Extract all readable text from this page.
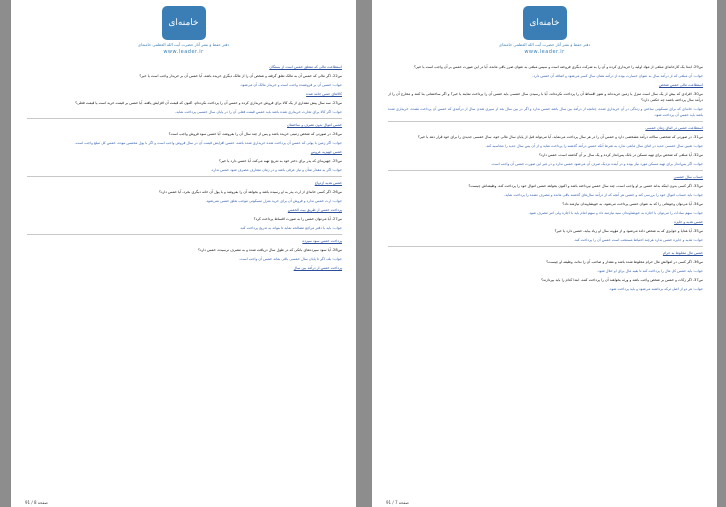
خامنه‌ای
دفتر حفظ و نشر آثار حضرت آیت الله العظمی خامنه‌ای
www.leader.ir

استطاعت مالی که متعلق خمس است از بستگان

س22. اگر مالی که خمس آن به مالک تعلق گرفته و شخص آن را از مالک دیگری خریده باشد، آیا خمس آن بر خریدار واجب است یا خیر؟

جواب: خمس آن بر فروشنده واجب است و خریدار مالک آن می‌شود.

کالاهای جنس جامد شده

س23. سه سال پیش مقداری از یک کالا برای فروش خریداری کرده و خمس آن را پرداخت نکرده‌ام، اکنون که قیمت آن افزایش یافته، آیا خمس بر قیمت خرید است یا قیمت فعلی؟

جواب: اگر کالا برای تجارت خریداری شده باشد باید خمس قیمت فعلی آن را در پایان سال خمسی پرداخت نماید.

خمس اموال بدون تصرف و ساختمان

س24. در صورتی که شخص زمینی خریده باشد و پس از چند سال آن را بفروشد، آیا خمس سود فروش واجب است؟

جواب: اگر زمین با پولی که خمس آن پرداخت شده خریداری شده باشد، خمس افزایش قیمت آن در سال فروش واجب است و اگر با پول مخمس نبوده، خمس کل مبلغ واجب است.

خمس جهیزیه عروس

س25. جهیزیه‌ای که پدر برای دختر خود به تدریج تهیه می‌کند، آیا خمس دارد یا خیر؟

جواب: اگر به مقدار شأن و نیاز عرفی باشد و در زمان متعارف مصرف شود خمس ندارد.

خمس هدیه ازدواج

س26. اگر کسی خانه‌ای از ارث پدر به او رسیده باشد و بخواهد آن را بفروشد و با پول آن خانه دیگری بخرد، آیا خمس دارد؟

جواب: ارث خمس ندارد و فروش آن برای خرید منزل مسکونی موجب تعلق خمس نمی‌شود.

پرداخت خمس از طریق بیت الخمس

س27. آیا می‌توان خمس را به صورت اقساط پرداخت کرد؟

جواب: باید با دفتر مراجع مصالحه نماید تا بتواند به تدریج پرداخت کند.

پرداخت خمس سود سپرده

س28. آیا سود سپرده‌های بانکی که در طول سال دریافت شده و به مصرف نرسیده، خمس دارد؟

جواب: بله، اگر تا پایان سال خمسی باقی بماند خمس آن واجب است.

پرداخت خمس از درآمد بین سال

صفحه 8 / 91
خامنه‌ای
دفتر حفظ و نشر آثار حضرت آیت الله العظمی خامنه‌ای
www.leader.ir

س29. ابتدا یک کارخانه‌ای مبلغی از مواد اولیه را خریداری کرده و آن را به شرکت دیگری فروخته است و سپس مبلغی به عنوان ضرر باقی مانده، آیا در این صورت خمس بر آن واجب است یا خیر؟

جواب: آن مبلغی که از درآمد سال به عنوان خسارت بوده از درآمد همان سال کسر می‌شود و اضافه آن خمس دارد.

استطاعت مالی خمس شخص

س30. افرادی که بیش از یک سال است منزل یا زمین خریده‌اند و هنوز اقساط آن را پرداخت نکرده‌اند، آیا با رسیدن سال خمسی باید خمس آن را پرداخت نمایند یا خیر؟ و اگر ساختمانی بنا کنند و مخارج آن را از درآمد سال پرداخته باشند چه حکمی دارد؟

جواب: خانه‌ای که برای مسکونی ساختن و زندگی در آن خریداری شده، چنانچه از درآمد بین سال باشد خمس ندارد و اگر در بین سال بعد از سپری شدن سال از درآمدی که خمس آن پرداخت نشده، خریداری شده باشد باید خمس آن پرداخت شود.

استطاعت خمس در اثنای زمان خمسی

س31. در صورتی که شخصی سالانه درآمد مشخصی دارد و خمس آن را در هر سال پرداخت می‌نماید، آیا می‌تواند قبل از پایان سال مالی خود، سال خمسی جدیدی را برای خود قرار دهد یا خیر؟

جواب: تعیین سال خمسی جدید در اثنای سال مانعی ندارد به شرط آنکه خمس درآمد گذشته را پرداخت نماید و از آن پس سال جدید را محاسبه کند.

س32. آیا مبلغی که شخص برای تهیه مسکن در بانک پس‌انداز کرده و یک سال بر آن گذشته است، خمس دارد؟

جواب: اگر پس‌انداز برای تهیه مسکن مورد نیاز بوده و در آینده نزدیک صرف آن می‌شود خمس ندارد و در غیر این صورت خمس آن واجب است.

حساب سال خمسی

س33. اگر کسی بدون اینکه بداند خمس بر او واجب است، چند سال خمس نپرداخته باشد و اکنون بخواهد خمس اموال خود را پرداخت کند، وظیفه‌اش چیست؟

جواب: باید حساب اموال خود را بررسی کند و خمس هر آنچه که از درآمد سال‌های گذشته باقی مانده و مصرف نشده را پرداخت نماید.

س34. آیا می‌توان وجوهاتی را که به عنوان خمس پرداخت می‌شود، به خویشاوندان نیازمند داد؟

جواب: سهم سادات را می‌توان با اجازه به خویشاوندان سید نیازمند داد و سهم امام باید با اجازه ولی امر مصرف شود.

خمس هدیه و جایزه

س35. آیا هدایا و جوایزی که به شخص داده می‌شود و از مؤونه سال او زیاد بیاید، خمس دارد یا خیر؟

جواب: هدیه و جایزه خمس ندارد هرچند احتیاط مستحب است خمس آن را پرداخت کند.

خمس مال مخلوط به حرام

س36. اگر کسی در اموالش مال حرام مخلوط شده باشد و مقدار و صاحب آن را نداند، وظیفه او چیست؟

جواب: باید خمس کل مال را پرداخت کند تا بقیه مال برای او حلال شود.

س37. اگر زکات و خمس بر شخص واجب باشد و ورثه بخواهند آن را پرداخت کنند، ابتدا کدام را باید بپردازند؟

جواب: هر دو از اصل ترکه برداشته می‌شود و باید پرداخت شود.

صفحه 7 / 91
